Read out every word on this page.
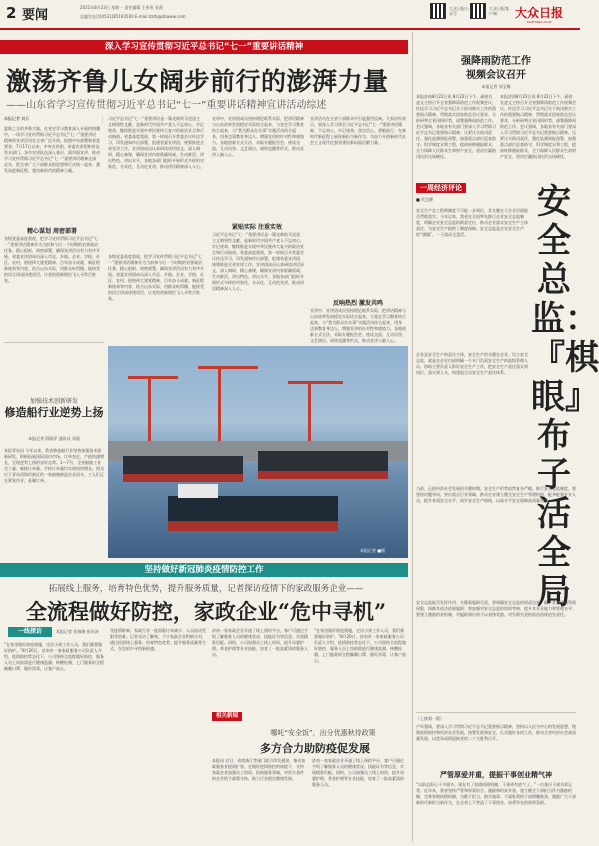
2 要闻
2021年8月23日 星期一 责任编辑 王彤彤 张燕
总编室电话(0531)85193500 E-mail:dzrb@dzwww.com
大众日报公众号
大众日报客户端	大众日报
DAZHONG DAILY
深入学习宣传贯彻习近平总书记“七一”重要讲话精神
激荡齐鲁儿女阔步前行的澎湃力量
——山东省学习宣传贯彻习近平总书记“七一”重要讲话精神宣讲活动综述
本报记者 刘兵
夏秋之交的齐鲁大地，在党史学习教育深入开展的热潮中，一场学习宣传贯彻习近平总书记“七一”重要讲话精神的宣讲活动在全省广泛开展。按照中央部署和省委要求，7月17日以来，中央宣讲团、省委宣讲团和省直有关部门、各市宣讲队伍深入基层，面对面宣讲，推动学习宣传贯彻习近平总书记“七一”重要讲话精神走深走实，把全省广大干部群众的思想和行动统一起来，激发奋进新征程、建功新时代的精神力量。
精心谋划 周密部署
各级党委高度重视，把学习宣传贯彻习近平总书记“七一”重要讲话精神作为当前和今后一个时期的首要政治任务，精心组织，周密部署，确保宣讲活动有力有序开展。省委宣讲团成员深入市县、乡镇、企业、学校、社区、农村，围绕伟大建党精神、百年奋斗成就、新征程新使命等内容，结合山东实际，用群众听得懂、能接受的语言讲深讲透讲活，让党的创新理论飞入寻常百姓家。
习近平总书记“七一”重要讲话是一篇光辉的马克思主义纲领性文献，是新时代中国共产党人不忘初心、牢记使命、继续推进实现中华民族伟大复兴的政治宣言和行动指南。省委高度重视，第一时间召开常委会议传达学习，印发通知作出部署，组建省委宣讲团，统筹推进全省宣讲工作。宣讲团成员认真研读讲话原文，深入调研，精心备课，确保宣讲内容准确权威、生动鲜活，讲出特色、讲出水平。各地各部门组织开展形式多样的对象化、分众化、互动化宣讲，推动讲话精神深入人心。
紧贴实际 注重实效
宣讲中，宣讲团成员坚持理论联系实际，把讲话精神与山东改革发展稳定实际结合起来，与党史学习教育结合起来，与“我为群众办实事”实践活动结合起来，用身边事教育身边人，增强宣讲的针对性和感染力。各地创新方式方法，采取专题报告会、座谈交流、互动问答、文艺演出、网络直播等形式，推动宣讲入脑入心。
习近平总书记“七一”重要讲话是一篇光辉的马克思主义纲领性文献，是新时代中国共产党人不忘初心、牢记使命、继续推进实现中华民族伟大复兴的政治宣言和行动指南。省委高度重视，第一时间召开常委会议传达学习，印发通知作出部署，组建省委宣讲团，统筹推进全省宣讲工作。宣讲团成员认真研读讲话原文，深入调研，精心备课，确保宣讲内容准确权威、生动鲜活，讲出特色、讲出水平。各地各部门组织开展形式多样的对象化、分众化、互动化宣讲，推动讲话精神深入人心。
反响热烈 激发共鸣
宣讲活动在全省干部群众中引起强烈反响。大家纷纷表示，要深入学习领会习近平总书记“七一”重要讲话精神，不忘初心、牢记使命，坚定信心、勇毅前行，在新时代新征程上展现新担当新作为，为奋力开创新时代社会主义现代化强省建设新局面贡献力量。
宣讲中，宣讲团成员坚持理论联系实际，把讲话精神与山东改革发展稳定实际结合起来，与党史学习教育结合起来，与“我为群众办实事”实践活动结合起来，用身边事教育身边人，增强宣讲的针对性和感染力。各地创新方式方法，采取专题报告会、座谈交流、互动问答、文艺演出、网络直播等形式，推动宣讲入脑入心。
各级党委高度重视，把学习宣传贯彻习近平总书记“七一”重要讲话精神作为当前和今后一个时期的首要政治任务，精心组织，周密部署，确保宣讲活动有力有序开展。省委宣讲团成员深入市县、乡镇、企业、学校、社区、农村，围绕伟大建党精神、百年奋斗成就、新征程新使命等内容，结合山东实际，用群众听得懂、能接受的语言讲深讲透讲活，让党的创新理论飞入寻常百姓家。
加强技术创新研发
修造船行业逆势上扬
本报记者 薛晓萍 通讯员 刘丽
本报青岛讯 今年以来，我省修造船行业坚持加强技术创新研发，积极拓展国际国内市场，订单充足，产值快速增长，呈现逆势上扬的良好态势。1—7月，全省船舶工业完工量、新接订单量、手持订单量均实现较快增长。图为位于青岛西海岸新区的一家船舶修造企业码头，工人们正在紧张作业，赶制订单。
本报记者 ■摄
坚持做好新冠肺炎疫情防控工作
拓展线上服务，培育特色优势，提升服务质量，记者探访疫情下的家政服务企业——
全流程做好防控，家政企业“危中寻机”
一线探访	本报记者 张春晓 张环泽
“在家里做好防疫措施，迁居小到工作人员，我们都要做好防护。”8月20日，济南市一家家政服务公司负责人介绍，疫情防控常态化下，公司坚持全流程做好防控，服务人员上岗前需进行健康监测、核酸检测，上门服务时全程佩戴口罩，做好消毒，让客户放心。
受疫情影响，家政行业一度面临订单减少、人员流动受限等困难。记者采访了解到，不少家政企业积极应对，通过拓展线上服务、培育特色优势、提升服务质量等方式，在危机中寻找新机遇。
济南一家家政企业开通了线上预约平台，客户可通过手机了解服务人员的健康状况、技能证书等信息，实现精准匹配。同时，公司加强员工线上培训，提升母婴护理、养老护理等专业技能，培育了一批高素质的服务人员。
“在家里做好防疫措施，迁居小到工作人员，我们都要做好防护。”8月20日，济南市一家家政服务公司负责人介绍，疫情防控常态化下，公司坚持全流程做好防控，服务人员上岗前需进行健康监测、核酸检测，上门服务时全程佩戴口罩，做好消毒，让客户放心。
相关新闻
哪吒“安全饭”，出分优惠秋待政策
多方合力助防疫促发展
本报讯 近日，省商务厅等部门联合印发通知，推动家政服务业提质扩容，在做好疫情防控的前提下，支持家政企业加强员工培训、拓展服务领域，对符合条件的企业给予政策支持，助力行业稳定健康发展。
济南一家家政企业开通了线上预约平台，客户可通过手机了解服务人员的健康状况、技能证书等信息，实现精准匹配。同时，公司加强员工线上培训，提升母婴护理、养老护理等专业技能，培育了一批高素质的服务人员。
强降雨防范工作
视频会议召开
本报记者 刘玉梅
本报济南8月22日讯 8月22日下午，副省长凌文主持召开全省强降雨防范工作视频会议，传达学习习近平总书记关于防汛救灾工作的重要指示精神，贯彻落实国家防总会议要求，分析研判全省汛情形势，部署强降雨防范工作。会议强调，各地各有关部门要深入学习贯彻习近平总书记重要指示精神，压紧压实防汛责任，强化监测预报预警，加强重点部位巡查防守，科学调度水利工程，提前转移避险群众，全力保障人民群众生命财产安全，坚决打赢防汛抗洪这场硬仗。
本报济南8月22日讯 8月22日下午，副省长凌文主持召开全省强降雨防范工作视频会议，传达学习习近平总书记关于防汛救灾工作的重要指示精神，贯彻落实国家防总会议要求，分析研判全省汛情形势，部署强降雨防范工作。会议强调，各地各有关部门要深入学习贯彻习近平总书记重要指示精神，压紧压实防汛责任，强化监测预报预警，加强重点部位巡查防守，科学调度水利工程，提前转移避险群众，全力保障人民群众生命财产安全，坚决打赢防汛抗洪这场硬仗。
一周经济评论
■ 代玉娇	安全总监：『棋眼』布子活全局
安全生产总工程师制度不可能一步到位，其关键在于企业层面能否贯彻落实。今年以来，我省在全国率先推行企业安全总监制度，明确企业安全总监的职责定位，推动企业落实安全生产主体责任，为安全生产提供了制度保障。安全总监是企业安全生产的“棋眼”，一子落而全盘活。
企业是安全生产的责任主体，安全生产的关键在企业。设立安全总监，就是在企业内部明确一个专门负责安全生产的高级管理人员，协助主要负责人抓好安全生产工作，把安全生产责任落实到岗位、落实到人头，构建起全员安全生产责任体系。
当前，正值经济社会发展的关键时期，安全生产形势依然复杂严峻。推行安全总监制度，要坚持问题导向，突出重点行业领域，推动企业建立健全安全生产管理机构，配齐配强专业人员，提升本质安全水平，筑牢安全生产防线，以高水平安全保障高质量发展。
安全总监能否发挥作用，关键看履职尽责。要明确安全总监的权责边界，赋予其必要的管理权限，保障其依法依规履职；要加强对安全总监的培训考核，提升其专业能力和管理水平；要建立激励约束机制，对履职到位的予以表扬奖励，对失职失责的依法依规追究责任。
（上接第一版）
卢军强调，要深入学习贯彻习近平总书记重要指示精神，坚持以人民为中心的发展思想，统筹疫情防控和经济社会发展，统筹发展和安全，扎实做好各项工作，推动全省经济社会高质量发展，以优异成绩迎接党的二十大胜利召开。
严管厚爱并重，提振干事创业精气神
“以前总担心干多错多，现在有了容错纠错机制，干事更有底气了。”一位基层干部告诉记者。近年来，我省坚持严管和厚爱结合、激励和约束并重，建立健全干部担当作为激励机制，完善容错纠错机制，为敢于担当、踏实做事、不谋私利的干部撑腰鼓劲，激励广大干部新时代新担当新作为，在全省上下营造了干事创业、奋勇争先的浓厚氛围。
